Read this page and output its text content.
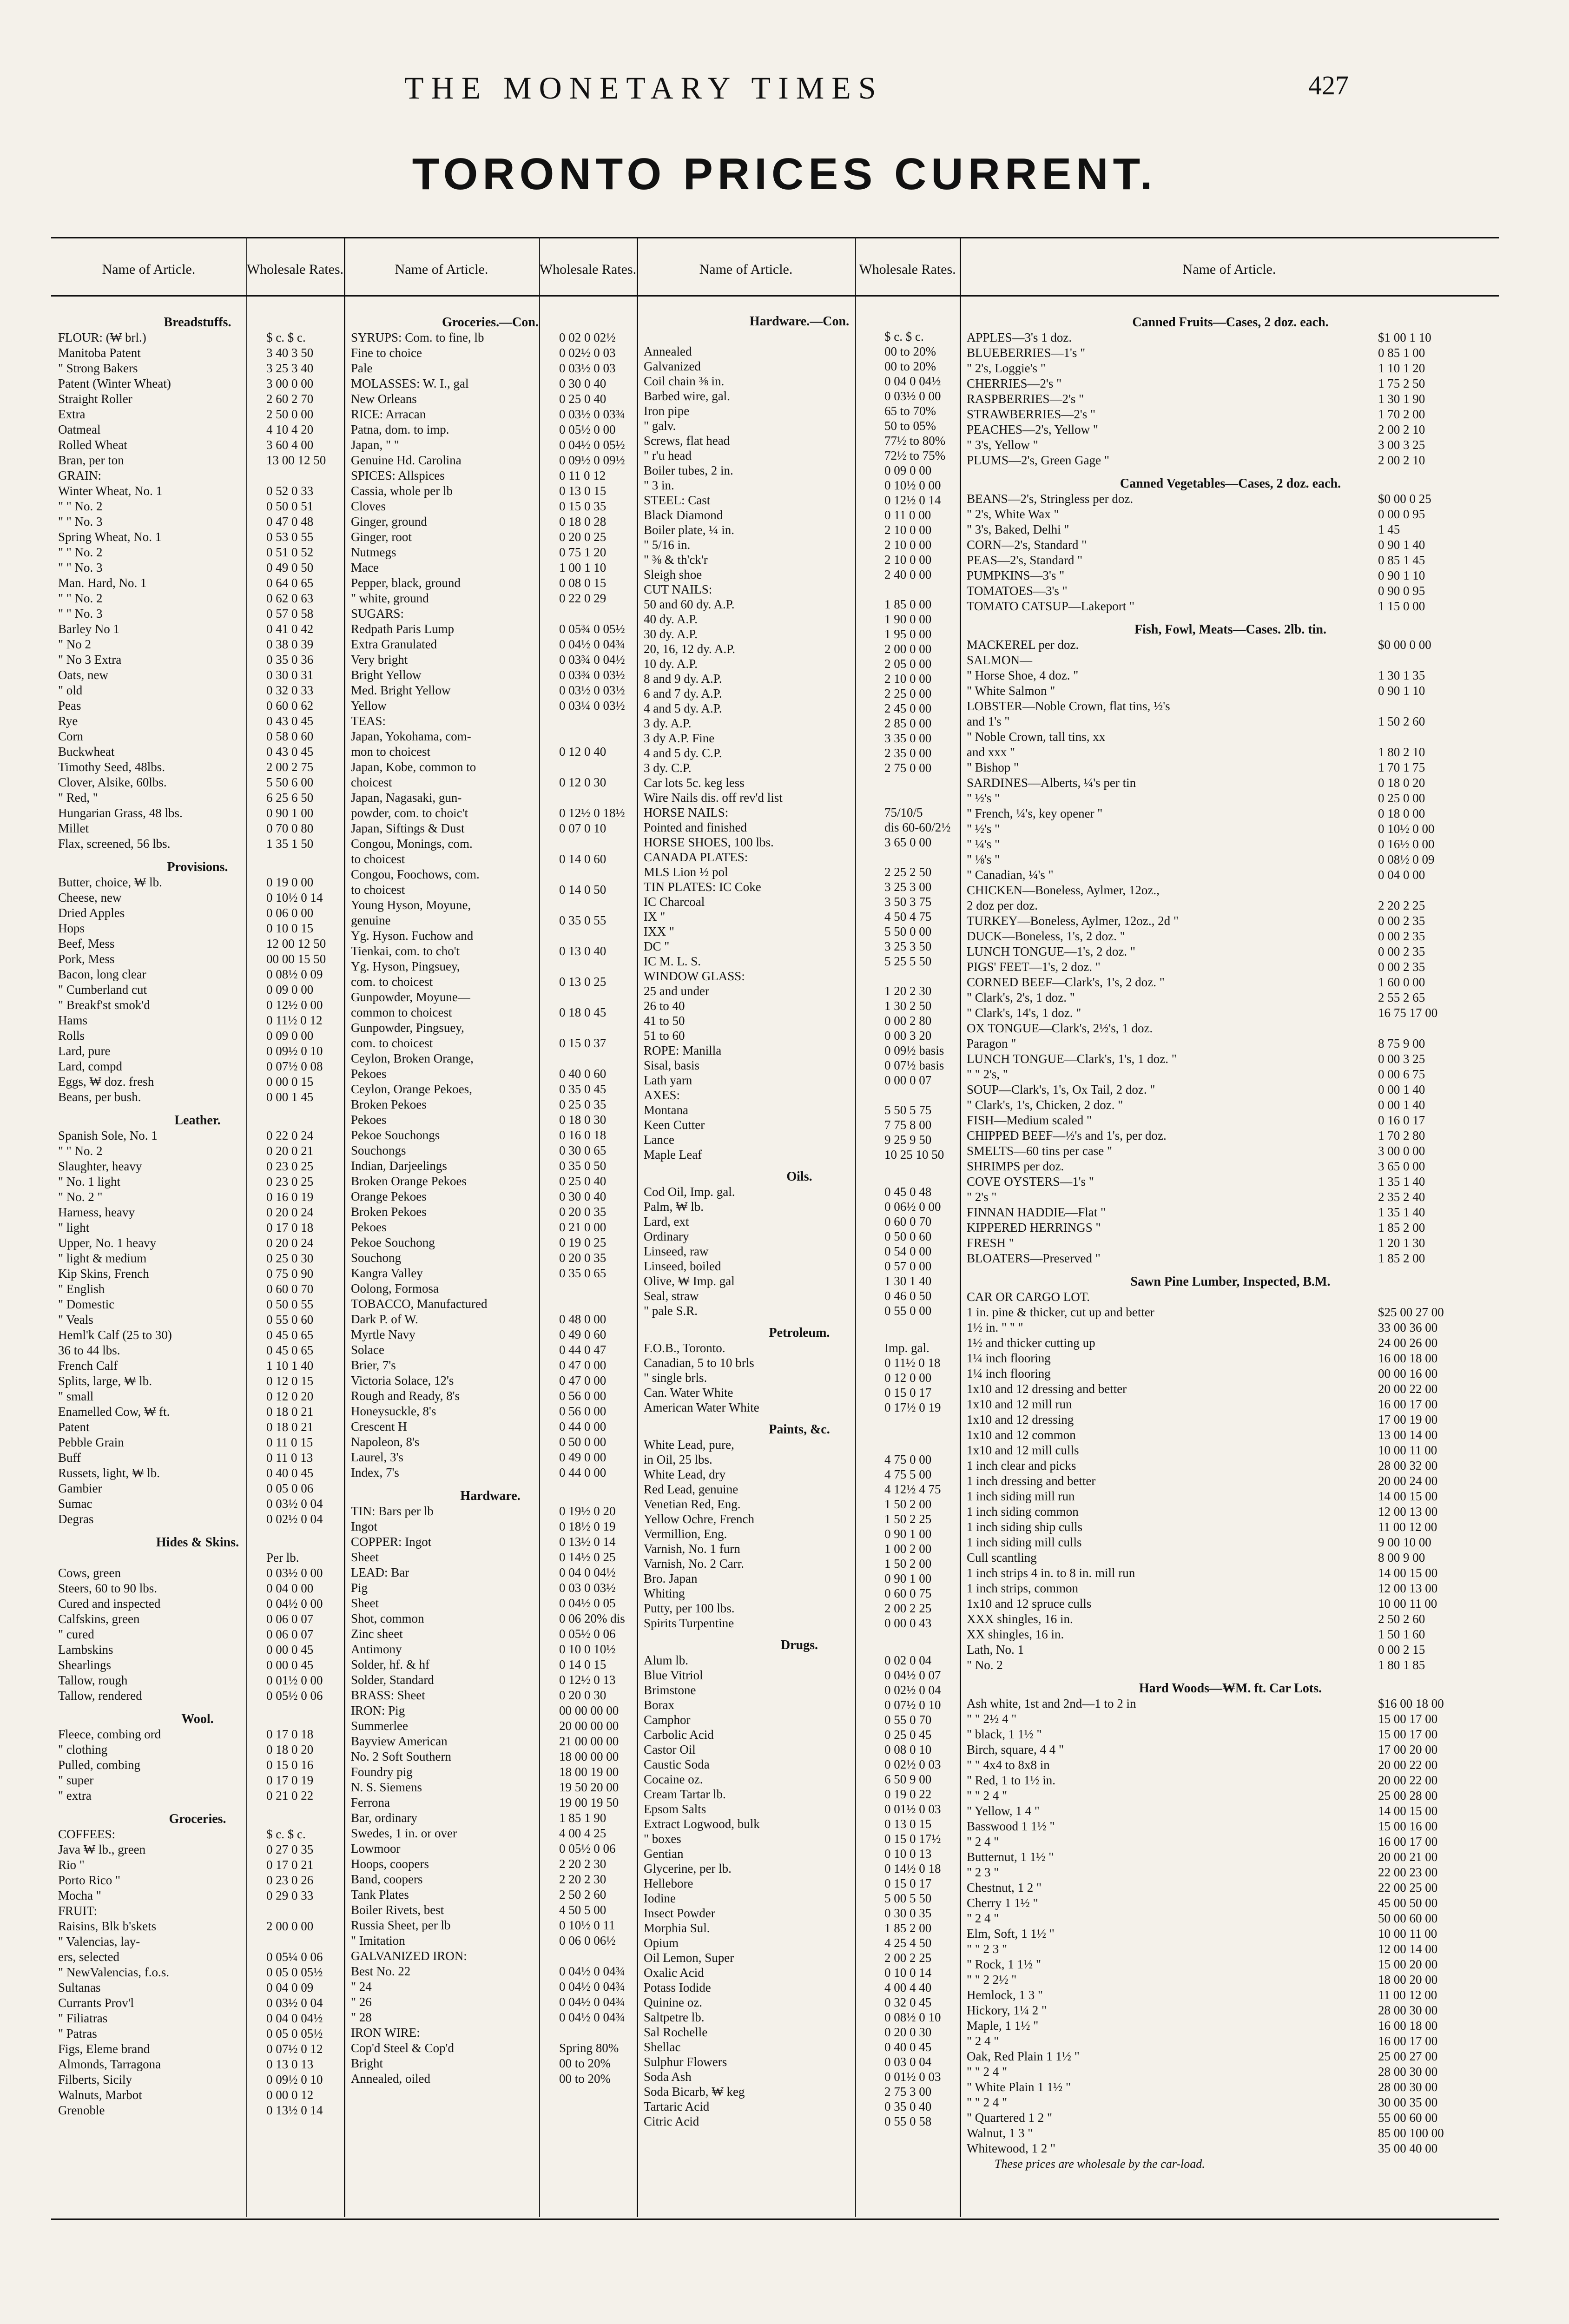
THE MONETARY TIMES	427
TORONTO PRICES CURRENT.
Name of Article.	Wholesale Rates.	Name of Article.	Wholesale Rates.	Name of Article.	Wholesale Rates.	Name of Article.
Breadstuffs.
FLOUR: (₩ brl.)	$ c. $ c.
Manitoba Patent	3 40 3 50
" Strong Bakers	3 25 3 40
Patent (Winter Wheat)	3 00 0 00
Straight Roller	2 60 2 70
Extra	2 50 0 00
Oatmeal	4 10 4 20
Rolled Wheat	3 60 4 00
Bran, per ton	13 00 12 50
GRAIN:
Winter Wheat, No. 1	0 52 0 33
" " No. 2	0 50 0 51
" " No. 3	0 47 0 48
Spring Wheat, No. 1	0 53 0 55
" " No. 2	0 51 0 52
" " No. 3	0 49 0 50
Man. Hard, No. 1	0 64 0 65
" " No. 2	0 62 0 63
" " No. 3	0 57 0 58
Barley No 1	0 41 0 42
" No 2	0 38 0 39
" No 3 Extra	0 35 0 36
Oats, new	0 30 0 31
" old	0 32 0 33
Peas	0 60 0 62
Rye	0 43 0 45
Corn	0 58 0 60
Buckwheat	0 43 0 45
Timothy Seed, 48lbs.	2 00 2 75
Clover, Alsike, 60lbs.	5 50 6 00
" Red, "	6 25 6 50
Hungarian Grass, 48 lbs.	0 90 1 00
Millet	0 70 0 80
Flax, screened, 56 lbs.	1 35 1 50
Provisions.
Butter, choice, ₩ lb.	0 19 0 00
Cheese, new	0 10½ 0 14
Dried Apples	0 06 0 00
Hops	0 10 0 15
Beef, Mess	12 00 12 50
Pork, Mess	00 00 15 50
Bacon, long clear	0 08½ 0 09
" Cumberland cut	0 09 0 00
" Breakf'st smok'd	0 12½ 0 00
Hams	0 11½ 0 12
Rolls	0 09 0 00
Lard, pure	0 09½ 0 10
Lard, compd	0 07½ 0 08
Eggs, ₩ doz. fresh	0 00 0 15
Beans, per bush.	0 00 1 45
Leather.
Spanish Sole, No. 1	0 22 0 24
" " No. 2	0 20 0 21
Slaughter, heavy	0 23 0 25
" No. 1 light	0 23 0 25
" No. 2 "	0 16 0 19
Harness, heavy	0 20 0 24
" light	0 17 0 18
Upper, No. 1 heavy	0 20 0 24
" light & medium	0 25 0 30
Kip Skins, French	0 75 0 90
" English	0 60 0 70
" Domestic	0 50 0 55
" Veals	0 55 0 60
Heml'k Calf (25 to 30)	0 45 0 65
36 to 44 lbs.	0 45 0 65
French Calf	1 10 1 40
Splits, large, ₩ lb.	0 12 0 15
" small	0 12 0 20
Enamelled Cow, ₩ ft.	0 18 0 21
Patent	0 18 0 21
Pebble Grain	0 11 0 15
Buff	0 11 0 13
Russets, light, ₩ lb.	0 40 0 45
Gambier	0 05 0 06
Sumac	0 03½ 0 04
Degras	0 02½ 0 04
Hides & Skins.
Per lb.
Cows, green	0 03½ 0 00
Steers, 60 to 90 lbs.	0 04 0 00
Cured and inspected	0 04½ 0 00
Calfskins, green	0 06 0 07
" cured	0 06 0 07
Lambskins	0 00 0 45
Shearlings	0 00 0 45
Tallow, rough	0 01½ 0 00
Tallow, rendered	0 05½ 0 06
Wool.
Fleece, combing ord	0 17 0 18
" clothing	0 18 0 20
Pulled, combing	0 15 0 16
" super	0 17 0 19
" extra	0 21 0 22
Groceries.
COFFEES:	$ c. $ c.
Java ₩ lb., green	0 27 0 35
Rio "	0 17 0 21
Porto Rico "	0 23 0 26
Mocha "	0 29 0 33
FRUIT:
Raisins, Blk b'skets	2 00 0 00
" Valencias, lay-
ers, selected	0 05¼ 0 06
" NewValencias, f.o.s.	0 05 0 05½
Sultanas	0 04 0 09
Currants Prov'l	0 03½ 0 04
" Filiatras	0 04 0 04½
" Patras	0 05 0 05½
Figs, Eleme brand	0 07½ 0 12
Almonds, Tarragona	0 13 0 13
Filberts, Sicily	0 09½ 0 10
Walnuts, Marbot	0 00 0 12
Grenoble	0 13½ 0 14
Groceries.—Con.
SYRUPS: Com. to fine, lb	0 02 0 02½
Fine to choice	0 02½ 0 03
Pale	0 03½ 0 03
MOLASSES: W. I., gal	0 30 0 40
New Orleans	0 25 0 40
RICE: Arracan	0 03½ 0 03¾
Patna, dom. to imp.	0 05½ 0 00
Japan, " "	0 04½ 0 05½
Genuine Hd. Carolina	0 09½ 0 09½
SPICES: Allspices	0 11 0 12
Cassia, whole per lb	0 13 0 15
Cloves	0 15 0 35
Ginger, ground	0 18 0 28
Ginger, root	0 20 0 25
Nutmegs	0 75 1 20
Mace	1 00 1 10
Pepper, black, ground	0 08 0 15
" white, ground	0 22 0 29
SUGARS:
Redpath Paris Lump	0 05¾ 0 05½
Extra Granulated	0 04½ 0 04¾
Very bright	0 03¾ 0 04½
Bright Yellow	0 03¾ 0 03½
Med. Bright Yellow	0 03½ 0 03½
Yellow	0 03¼ 0 03½
TEAS:
Japan, Yokohama, com-
mon to choicest	0 12 0 40
Japan, Kobe, common to
choicest	0 12 0 30
Japan, Nagasaki, gun-
powder, com. to choic't	0 12½ 0 18½
Japan, Siftings & Dust	0 07 0 10
Congou, Monings, com.
to choicest	0 14 0 60
Congou, Foochows, com.
to choicest	0 14 0 50
Young Hyson, Moyune,
genuine	0 35 0 55
Yg. Hyson. Fuchow and
Tienkai, com. to cho't	0 13 0 40
Yg. Hyson, Pingsuey,
com. to choicest	0 13 0 25
Gunpowder, Moyune—
common to choicest	0 18 0 45
Gunpowder, Pingsuey,
com. to choicest	0 15 0 37
Ceylon, Broken Orange,
Pekoes	0 40 0 60
Ceylon, Orange Pekoes,	0 35 0 45
Broken Pekoes	0 25 0 35
Pekoes	0 18 0 30
Pekoe Souchongs	0 16 0 18
Souchongs	0 30 0 65
Indian, Darjeelings	0 35 0 50
Broken Orange Pekoes	0 25 0 40
Orange Pekoes	0 30 0 40
Broken Pekoes	0 20 0 35
Pekoes	0 21 0 00
Pekoe Souchong	0 19 0 25
Souchong	0 20 0 35
Kangra Valley	0 35 0 65
Oolong, Formosa
TOBACCO, Manufactured
Dark P. of W.	0 48 0 00
Myrtle Navy	0 49 0 60
Solace	0 44 0 47
Brier, 7's	0 47 0 00
Victoria Solace, 12's	0 47 0 00
Rough and Ready, 8's	0 56 0 00
Honeysuckle, 8's	0 56 0 00
Crescent H	0 44 0 00
Napoleon, 8's	0 50 0 00
Laurel, 3's	0 49 0 00
Index, 7's	0 44 0 00
Hardware.
TIN: Bars per lb	0 19½ 0 20
Ingot	0 18½ 0 19
COPPER: Ingot	0 13½ 0 14
Sheet	0 14½ 0 25
LEAD: Bar	0 04 0 04½
Pig	0 03 0 03½
Sheet	0 04½ 0 05
Shot, common	0 06 20% dis
Zinc sheet	0 05½ 0 06
Antimony	0 10 0 10½
Solder, hf. & hf	0 14 0 15
Solder, Standard	0 12½ 0 13
BRASS: Sheet	0 20 0 30
IRON: Pig	00 00 00 00
Summerlee	20 00 00 00
Bayview American	21 00 00 00
No. 2 Soft Southern	18 00 00 00
Foundry pig	18 00 19 00
N. S. Siemens	19 50 20 00
Ferrona	19 00 19 50
Bar, ordinary	1 85 1 90
Swedes, 1 in. or over	4 00 4 25
Lowmoor	0 05½ 0 06
Hoops, coopers	2 20 2 30
Band, coopers	2 20 2 30
Tank Plates	2 50 2 60
Boiler Rivets, best	4 50 5 00
Russia Sheet, per lb	0 10½ 0 11
" Imitation	0 06 0 06½
GALVANIZED IRON:
Best No. 22	0 04½ 0 04¾
" 24	0 04½ 0 04¾
" 26	0 04½ 0 04¾
" 28	0 04½ 0 04¾
IRON WIRE:
Cop'd Steel & Cop'd	Spring 80%
Bright	00 to 20%
Annealed, oiled	00 to 20%
Hardware.—Con.
$ c. $ c.
Annealed	00 to 20%
Galvanized	00 to 20%
Coil chain ⅜ in.	0 04 0 04½
Barbed wire, gal.	0 03½ 0 00
Iron pipe	65 to 70%
" galv.	50 to 05%
Screws, flat head	77½ to 80%
" r'u head	72½ to 75%
Boiler tubes, 2 in.	0 09 0 00
" 3 in.	0 10½ 0 00
STEEL: Cast	0 12½ 0 14
Black Diamond	0 11 0 00
Boiler plate, ¼ in.	2 10 0 00
" 5/16 in.	2 10 0 00
" ⅜ & th'ck'r	2 10 0 00
Sleigh shoe	2 40 0 00
CUT NAILS:
50 and 60 dy. A.P.	1 85 0 00
40 dy. A.P.	1 90 0 00
30 dy. A.P.	1 95 0 00
20, 16, 12 dy. A.P.	2 00 0 00
10 dy. A.P.	2 05 0 00
8 and 9 dy. A.P.	2 10 0 00
6 and 7 dy. A.P.	2 25 0 00
4 and 5 dy. A.P.	2 45 0 00
3 dy. A.P.	2 85 0 00
3 dy A.P. Fine	3 35 0 00
4 and 5 dy. C.P.	2 35 0 00
3 dy. C.P.	2 75 0 00
Car lots 5c. keg less
Wire Nails dis. off rev'd list
HORSE NAILS:	75/10/5
Pointed and finished	dis 60-60/2½
HORSE SHOES, 100 lbs.	3 65 0 00
CANADA PLATES:
MLS Lion ½ pol	2 25 2 50
TIN PLATES: IC Coke	3 25 3 00
IC Charcoal	3 50 3 75
IX "	4 50 4 75
IXX "	5 50 0 00
DC "	3 25 3 50
IC M. L. S.	5 25 5 50
WINDOW GLASS:
25 and under	1 20 2 30
26 to 40	1 30 2 50
41 to 50	0 00 2 80
51 to 60	0 00 3 20
ROPE: Manilla	0 09½ basis
Sisal, basis	0 07½ basis
Lath yarn	0 00 0 07
AXES:
Montana	5 50 5 75
Keen Cutter	7 75 8 00
Lance	9 25 9 50
Maple Leaf	10 25 10 50
Oils.
Cod Oil, Imp. gal.	0 45 0 48
Palm, ₩ lb.	0 06½ 0 00
Lard, ext	0 60 0 70
Ordinary	0 50 0 60
Linseed, raw	0 54 0 00
Linseed, boiled	0 57 0 00
Olive, ₩ Imp. gal	1 30 1 40
Seal, straw	0 46 0 50
" pale S.R.	0 55 0 00
Petroleum.
F.O.B., Toronto.	Imp. gal.
Canadian, 5 to 10 brls	0 11½ 0 18
" single brls.	0 12 0 00
Can. Water White	0 15 0 17
American Water White	0 17½ 0 19
Paints, &c.
White Lead, pure,
in Oil, 25 lbs.	4 75 0 00
White Lead, dry	4 75 5 00
Red Lead, genuine	4 12½ 4 75
Venetian Red, Eng.	1 50 2 00
Yellow Ochre, French	1 50 2 25
Vermillion, Eng.	0 90 1 00
Varnish, No. 1 furn	1 00 2 00
Varnish, No. 2 Carr.	1 50 2 00
Bro. Japan	0 90 1 00
Whiting	0 60 0 75
Putty, per 100 lbs.	2 00 2 25
Spirits Turpentine	0 00 0 43
Drugs.
Alum lb.	0 02 0 04
Blue Vitriol	0 04½ 0 07
Brimstone	0 02½ 0 04
Borax	0 07½ 0 10
Camphor	0 55 0 70
Carbolic Acid	0 25 0 45
Castor Oil	0 08 0 10
Caustic Soda	0 02½ 0 03
Cocaine oz.	6 50 9 00
Cream Tartar lb.	0 19 0 22
Epsom Salts	0 01½ 0 03
Extract Logwood, bulk	0 13 0 15
" boxes	0 15 0 17½
Gentian	0 10 0 13
Glycerine, per lb.	0 14½ 0 18
Hellebore	0 15 0 17
Iodine	5 00 5 50
Insect Powder	0 30 0 35
Morphia Sul.	1 85 2 00
Opium	4 25 4 50
Oil Lemon, Super	2 00 2 25
Oxalic Acid	0 10 0 14
Potass Iodide	4 00 4 40
Quinine oz.	0 32 0 45
Saltpetre lb.	0 08½ 0 10
Sal Rochelle	0 20 0 30
Shellac	0 40 0 45
Sulphur Flowers	0 03 0 04
Soda Ash	0 01½ 0 03
Soda Bicarb, ₩ keg	2 75 3 00
Tartaric Acid	0 35 0 40
Citric Acid	0 55 0 58
Canned Fruits—Cases, 2 doz. each.
APPLES—3's 1 doz.	$1 00 1 10
BLUEBERRIES—1's "	0 85 1 00
" 2's, Loggie's "	1 10 1 20
CHERRIES—2's "	1 75 2 50
RASPBERRIES—2's "	1 30 1 90
STRAWBERRIES—2's "	1 70 2 00
PEACHES—2's, Yellow "	2 00 2 10
" 3's, Yellow "	3 00 3 25
PLUMS—2's, Green Gage "	2 00 2 10
Canned Vegetables—Cases, 2 doz. each.
BEANS—2's, Stringless per doz.	$0 00 0 25
" 2's, White Wax "	0 00 0 95
" 3's, Baked, Delhi "	1 45
CORN—2's, Standard "	0 90 1 40
PEAS—2's, Standard "	0 85 1 45
PUMPKINS—3's "	0 90 1 10
TOMATOES—3's "	0 90 0 95
TOMATO CATSUP—Lakeport "	1 15 0 00
Fish, Fowl, Meats—Cases. 2lb. tin.
MACKEREL per doz.	$0 00 0 00
SALMON—
" Horse Shoe, 4 doz. "	1 30 1 35
" White Salmon "	0 90 1 10
LOBSTER—Noble Crown, flat tins, ½'s
and 1's "	1 50 2 60
" Noble Crown, tall tins, xx
and xxx "	1 80 2 10
" Bishop "	1 70 1 75
SARDINES—Alberts, ¼'s per tin	0 18 0 20
" ½'s "	0 25 0 00
" French, ¼'s, key opener "	0 18 0 00
" ½'s "	0 10½ 0 00
" ¼'s "	0 16½ 0 00
" ⅛'s "	0 08½ 0 09
" Canadian, ¼'s "	0 04 0 00
CHICKEN—Boneless, Aylmer, 12oz.,
2 doz per doz.	2 20 2 25
TURKEY—Boneless, Aylmer, 12oz., 2d "	0 00 2 35
DUCK—Boneless, 1's, 2 doz. "	0 00 2 35
LUNCH TONGUE—1's, 2 doz. "	0 00 2 35
PIGS' FEET—1's, 2 doz. "	0 00 2 35
CORNED BEEF—Clark's, 1's, 2 doz. "	1 60 0 00
" Clark's, 2's, 1 doz. "	2 55 2 65
" Clark's, 14's, 1 doz. "	16 75 17 00
OX TONGUE—Clark's, 2½'s, 1 doz.
Paragon "	8 75 9 00
LUNCH TONGUE—Clark's, 1's, 1 doz. "	0 00 3 25
" " 2's, "	0 00 6 75
SOUP—Clark's, 1's, Ox Tail, 2 doz. "	0 00 1 40
" Clark's, 1's, Chicken, 2 doz. "	0 00 1 40
FISH—Medium scaled "	0 16 0 17
CHIPPED BEEF—½'s and 1's, per doz.	1 70 2 80
SMELTS—60 tins per case "	3 00 0 00
SHRIMPS per doz.	3 65 0 00
COVE OYSTERS—1's "	1 35 1 40
" 2's "	2 35 2 40
FINNAN HADDIE—Flat "	1 35 1 40
KIPPERED HERRINGS "	1 85 2 00
FRESH "	1 20 1 30
BLOATERS—Preserved "	1 85 2 00
Sawn Pine Lumber, Inspected, B.M.
CAR OR CARGO LOT.
1 in. pine & thicker, cut up and better	$25 00 27 00
1½ in. " " "	33 00 36 00
1½ and thicker cutting up	24 00 26 00
1¼ inch flooring	16 00 18 00
1¼ inch flooring	00 00 16 00
1x10 and 12 dressing and better	20 00 22 00
1x10 and 12 mill run	16 00 17 00
1x10 and 12 dressing	17 00 19 00
1x10 and 12 common	13 00 14 00
1x10 and 12 mill culls	10 00 11 00
1 inch clear and picks	28 00 32 00
1 inch dressing and better	20 00 24 00
1 inch siding mill run	14 00 15 00
1 inch siding common	12 00 13 00
1 inch siding ship culls	11 00 12 00
1 inch siding mill culls	9 00 10 00
Cull scantling	8 00 9 00
1 inch strips 4 in. to 8 in. mill run	14 00 15 00
1 inch strips, common	12 00 13 00
1x10 and 12 spruce culls	10 00 11 00
XXX shingles, 16 in.	2 50 2 60
XX shingles, 16 in.	1 50 1 60
Lath, No. 1	0 00 2 15
" No. 2	1 80 1 85
Hard Woods—₩M. ft. Car Lots.
Ash white, 1st and 2nd—1 to 2 in	$16 00 18 00
" " 2½ 4 "	15 00 17 00
" black, 1 1½ "	15 00 17 00
Birch, square, 4 4 "	17 00 20 00
" " 4x4 to 8x8 in	20 00 22 00
" Red, 1 to 1½ in.	20 00 22 00
" " 2 4 "	25 00 28 00
" Yellow, 1 4 "	14 00 15 00
Basswood 1 1½ "	15 00 16 00
" 2 4 "	16 00 17 00
Butternut, 1 1½ "	20 00 21 00
" 2 3 "	22 00 23 00
Chestnut, 1 2 "	22 00 25 00
Cherry 1 1½ "	45 00 50 00
" 2 4 "	50 00 60 00
Elm, Soft, 1 1½ "	10 00 11 00
" " 2 3 "	12 00 14 00
" Rock, 1 1½ "	15 00 20 00
" " 2 2½ "	18 00 20 00
Hemlock, 1 3 "	11 00 12 00
Hickory, 1¼ 2 "	28 00 30 00
Maple, 1 1½ "	16 00 18 00
" 2 4 "	16 00 17 00
Oak, Red Plain 1 1½ "	25 00 27 00
" " 2 4 "	28 00 30 00
" White Plain 1 1½ "	28 00 30 00
" " 2 4 "	30 00 35 00
" Quartered 1 2 "	55 00 60 00
Walnut, 1 3 "	85 00 100 00
Whitewood, 1 2 "	35 00 40 00
These prices are wholesale by the car-load.
